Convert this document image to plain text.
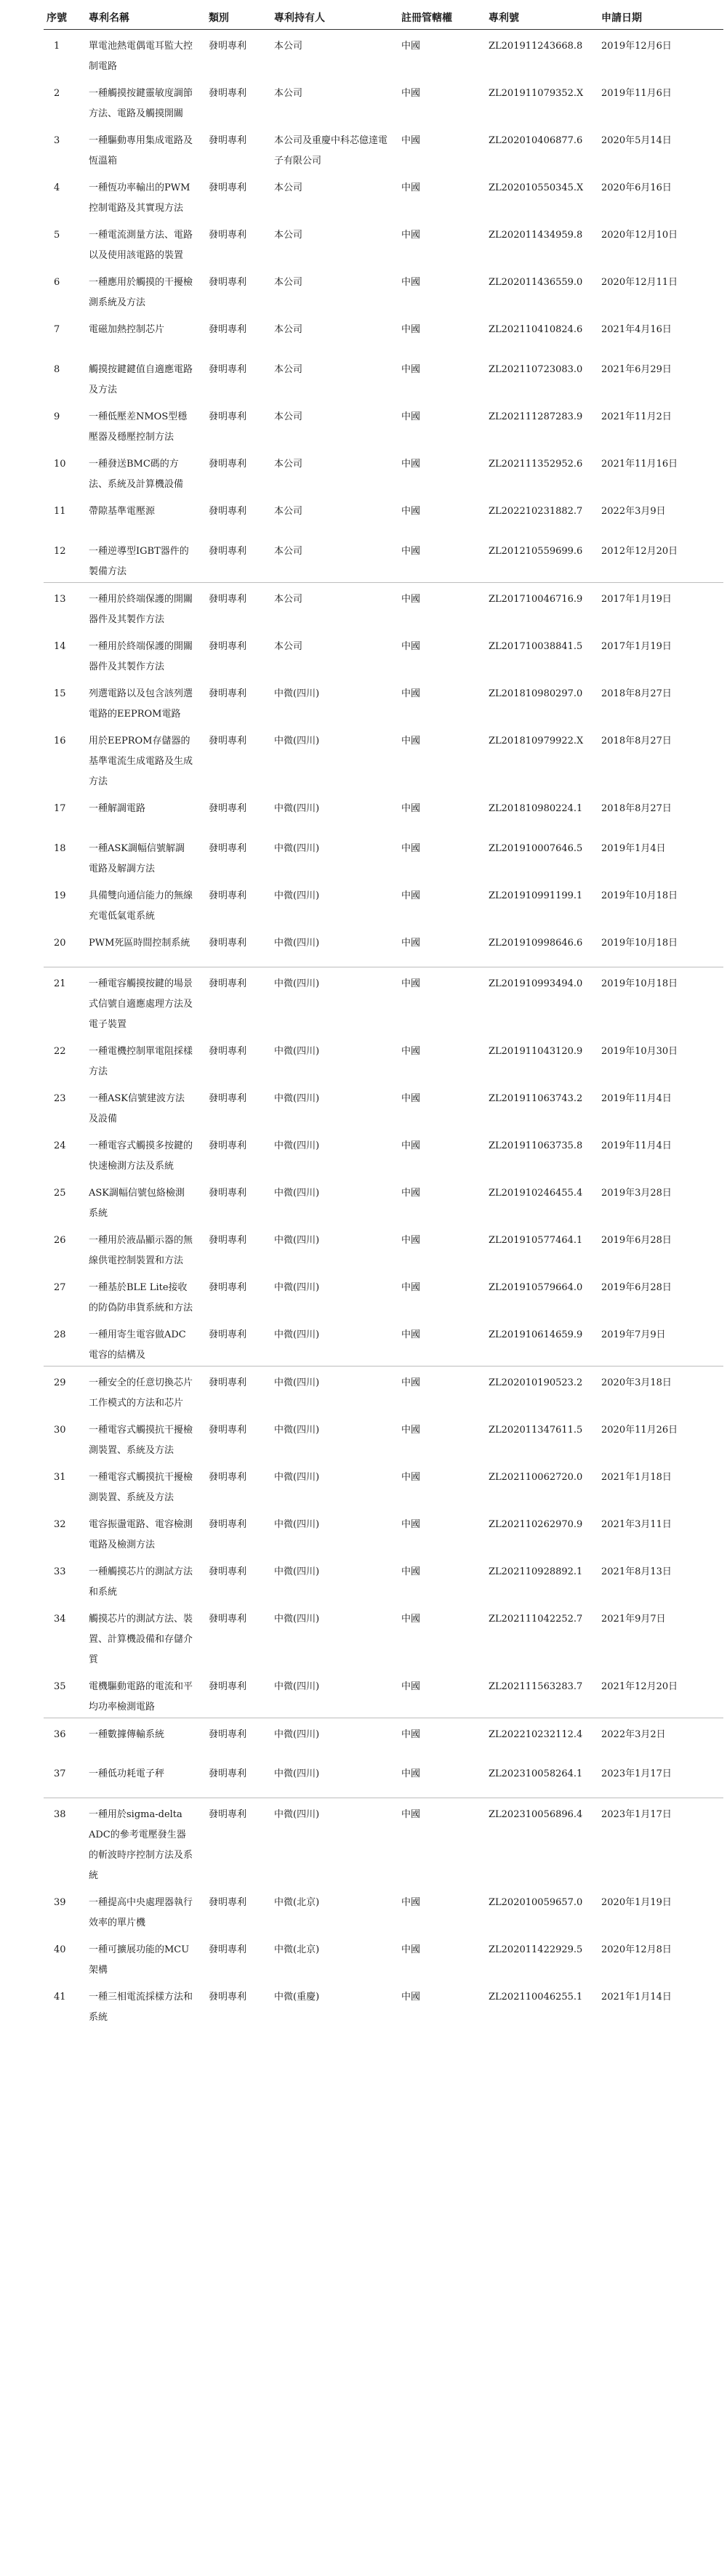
序號	專利名稱	類別	專利持有人	註冊管轄權	專利號	申請日期
1	單電池熱電偶電耳監大控制電路	發明專利	本公司	中國	ZL201911243668.8	2019年12月6日
2	一種觸摸按鍵靈敏度調節方法、電路及觸摸開關	發明專利	本公司	中國	ZL201911079352.X	2019年11月6日
3	一種驅動專用集成電路及恆溫箱	發明專利	本公司及重慶中科芯億達電子有限公司	中國	ZL202010406877.6	2020年5月14日
4	一種恆功率輸出的PWM控制電路及其實現方法	發明專利	本公司	中國	ZL202010550345.X	2020年6月16日
5	一種電流測量方法、電路以及使用該電路的裝置	發明專利	本公司	中國	ZL202011434959.8	2020年12月10日
6	一種應用於觸摸的干擾檢測系統及方法	發明專利	本公司	中國	ZL202011436559.0	2020年12月11日
7	電磁加熱控制芯片	發明專利	本公司	中國	ZL202110410824.6	2021年4月16日
8	觸摸按鍵鍵值自適應電路及方法	發明專利	本公司	中國	ZL202110723083.0	2021年6月29日
9	一種低壓差NMOS型穩壓器及穩壓控制方法	發明專利	本公司	中國	ZL202111287283.9	2021年11月2日
10	一種發送BMC碼的方法、系統及計算機設備	發明專利	本公司	中國	ZL202111352952.6	2021年11月16日
11	帶隙基準電壓源	發明專利	本公司	中國	ZL202210231882.7	2022年3月9日
12	一種逆導型IGBT器件的製備方法	發明專利	本公司	中國	ZL201210559699.6	2012年12月20日
13	一種用於終端保護的開關器件及其製作方法	發明專利	本公司	中國	ZL201710046716.9	2017年1月19日
14	一種用於終端保護的開關器件及其製作方法	發明專利	本公司	中國	ZL201710038841.5	2017年1月19日
15	列選電路以及包含該列選電路的EEPROM電路	發明專利	中微(四川)	中國	ZL201810980297.0	2018年8月27日
16	用於EEPROM存儲器的基準電流生成電路及生成方法	發明專利	中微(四川)	中國	ZL201810979922.X	2018年8月27日
17	一種解調電路	發明專利	中微(四川)	中國	ZL201810980224.1	2018年8月27日
18	一種ASK調幅信號解調電路及解調方法	發明專利	中微(四川)	中國	ZL201910007646.5	2019年1月4日
19	具備雙向通信能力的無線充電低氣電系統	發明專利	中微(四川)	中國	ZL201910991199.1	2019年10月18日
20	PWM死區時間控制系統	發明專利	中微(四川)	中國	ZL201910998646.6	2019年10月18日
21	一種電容觸摸按鍵的場景式信號自適應處理方法及電子裝置	發明專利	中微(四川)	中國	ZL201910993494.0	2019年10月18日
22	一種電機控制單電阻採樣方法	發明專利	中微(四川)	中國	ZL201911043120.9	2019年10月30日
23	一種ASK信號建波方法及設備	發明專利	中微(四川)	中國	ZL201911063743.2	2019年11月4日
24	一種電容式觸摸多按鍵的快速檢測方法及系統	發明專利	中微(四川)	中國	ZL201911063735.8	2019年11月4日
25	ASK調幅信號包絡檢測系統	發明專利	中微(四川)	中國	ZL201910246455.4	2019年3月28日
26	一種用於液晶顯示器的無線供電控制裝置和方法	發明專利	中微(四川)	中國	ZL201910577464.1	2019年6月28日
27	一種基於BLE Lite接收的防偽防串貨系統和方法	發明專利	中微(四川)	中國	ZL201910579664.0	2019年6月28日
28	一種用寄生電容做ADC電容的結構及	發明專利	中微(四川)	中國	ZL201910614659.9	2019年7月9日
29	一種安全的任意切換芯片工作模式的方法和芯片	發明專利	中微(四川)	中國	ZL202010190523.2	2020年3月18日
30	一種電容式觸摸抗干擾檢測裝置、系統及方法	發明專利	中微(四川)	中國	ZL202011347611.5	2020年11月26日
31	一種電容式觸摸抗干擾檢測裝置、系統及方法	發明專利	中微(四川)	中國	ZL202110062720.0	2021年1月18日
32	電容振盪電路、電容檢測電路及檢測方法	發明專利	中微(四川)	中國	ZL202110262970.9	2021年3月11日
33	一種觸摸芯片的測試方法和系統	發明專利	中微(四川)	中國	ZL202110928892.1	2021年8月13日
34	觸摸芯片的測試方法、裝置、計算機設備和存儲介質	發明專利	中微(四川)	中國	ZL202111042252.7	2021年9月7日
35	電機驅動電路的電流和平均功率檢測電路	發明專利	中微(四川)	中國	ZL202111563283.7	2021年12月20日
36	一種數據傳輸系統	發明專利	中微(四川)	中國	ZL202210232112.4	2022年3月2日
37	一種低功耗電子秤	發明專利	中微(四川)	中國	ZL202310058264.1	2023年1月17日
38	一種用於sigma-delta ADC的參考電壓發生器的斬波時序控制方法及系統	發明專利	中微(四川)	中國	ZL202310056896.4	2023年1月17日
39	一種提高中央處理器執行效率的單片機	發明專利	中微(北京)	中國	ZL202010059657.0	2020年1月19日
40	一種可擴展功能的MCU架構	發明專利	中微(北京)	中國	ZL202011422929.5	2020年12月8日
41	一種三相電流採樣方法和系統	發明專利	中微(重慶)	中國	ZL202110046255.1	2021年1月14日
